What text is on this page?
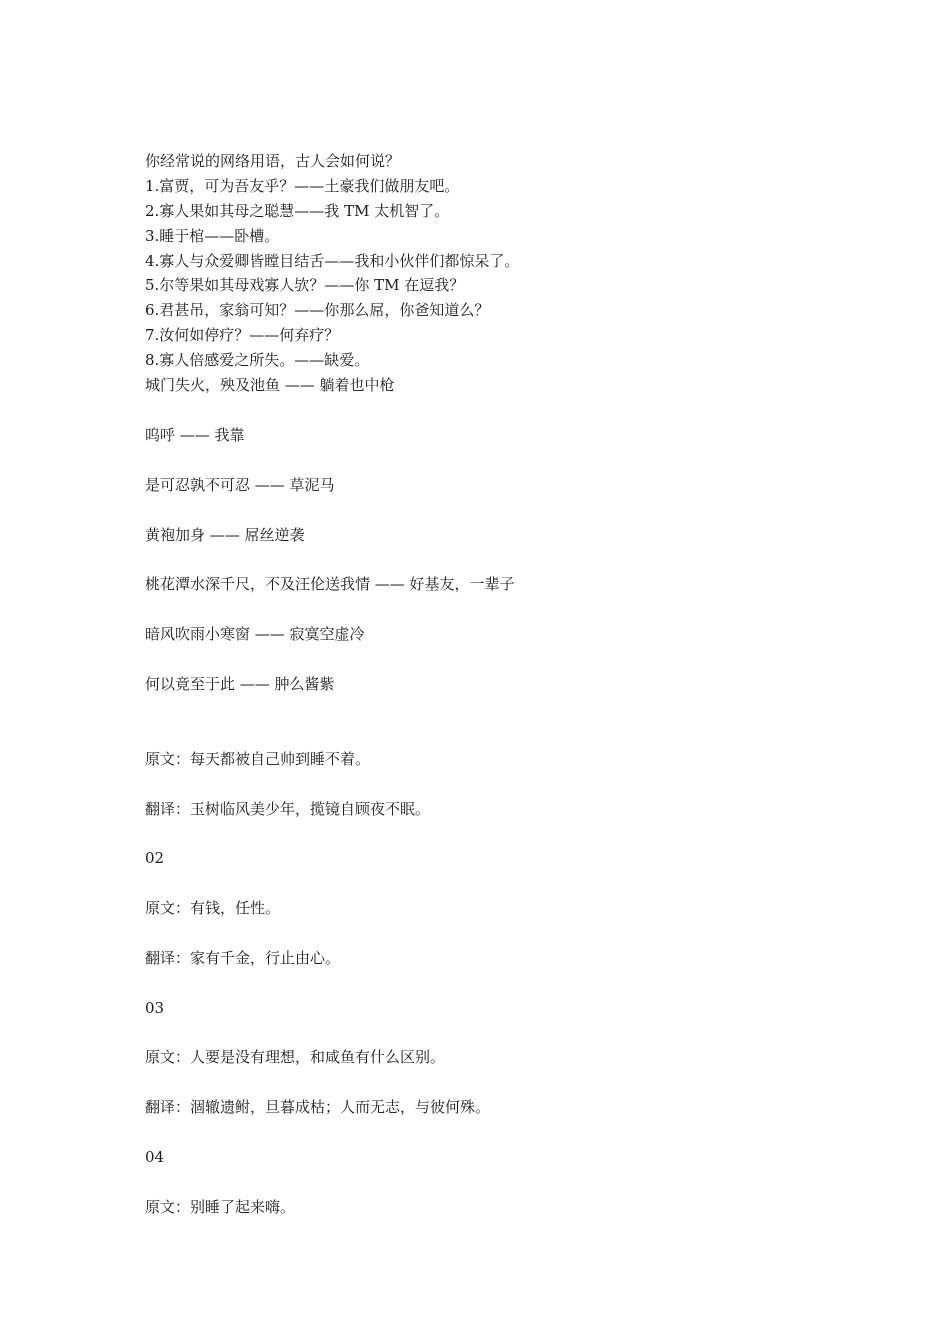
你经常说的网络用语，古人会如何说？
1.富贾，可为吾友乎？——土豪我们做朋友吧。
2.寡人果如其母之聪慧——我 TM 太机智了。
3.睡于棺——卧槽。
4.寡人与众爱卿皆瞠目结舌——我和小伙伴们都惊呆了。
5.尔等果如其母戏寡人欤？——你 TM 在逗我？
6.君甚吊，家翁可知？——你那么屌，你爸知道么？
7.汝何如停疗？——何弃疗？
8.寡人倍感爱之所失。——缺爱。
城门失火，殃及池鱼 —— 躺着也中枪
呜呼 —— 我靠
是可忍孰不可忍 —— 草泥马
黄袍加身 —— 屌丝逆袭
桃花潭水深千尺，不及汪伦送我情 —— 好基友，一辈子
暗风吹雨小寒窗 —— 寂寞空虚冷
何以竟至于此 —— 肿么酱紫
原文：每天都被自己帅到睡不着。
翻译：玉树临风美少年，揽镜自顾夜不眠。
02
原文：有钱，任性。
翻译：家有千金，行止由心。
03
原文：人要是没有理想，和咸鱼有什么区别。
翻译：涸辙遗鲋，旦暮成枯；人而无志，与彼何殊。
04
原文：别睡了起来嗨。
